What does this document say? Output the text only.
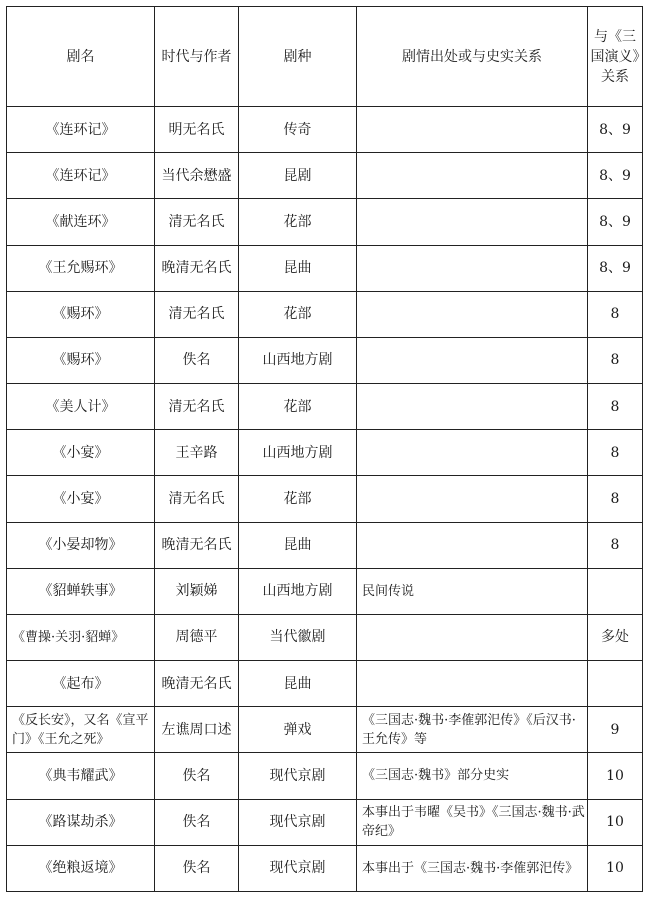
剧名	时代与作者	剧种	剧情出处或与史实关系	与《三国演义》关系
《连环记》	明无名氏	传奇		8、9
《连环记》	当代余懋盛	昆剧		8、9
《献连环》	清无名氏	花部		8、9
《王允赐环》	晚清无名氏	昆曲		8、9
《赐环》	清无名氏	花部		8
《赐环》	佚名	山西地方剧		8
《美人计》	清无名氏	花部		8
《小宴》	王辛路	山西地方剧		8
《小宴》	清无名氏	花部		8
《小晏却物》	晚清无名氏	昆曲		8
《貂蝉轶事》	刘颖娣	山西地方剧	民间传说	
《曹操·关羽·貂蝉》	周德平	当代徽剧		多处
《起布》	晚清无名氏	昆曲		
《反长安》，又名《宣平门》《王允之死》	左谯周口述	弹戏	《三国志·魏书·李傕郭汜传》《后汉书·王允传》等	9
《典韦耀武》	佚名	现代京剧	《三国志·魏书》部分史实	10
《路谋劫杀》	佚名	现代京剧	本事出于韦曜《吴书》《三国志·魏书·武帝纪》	10
《绝粮返境》	佚名	现代京剧	本事出于《三国志·魏书·李傕郭汜传》	10
